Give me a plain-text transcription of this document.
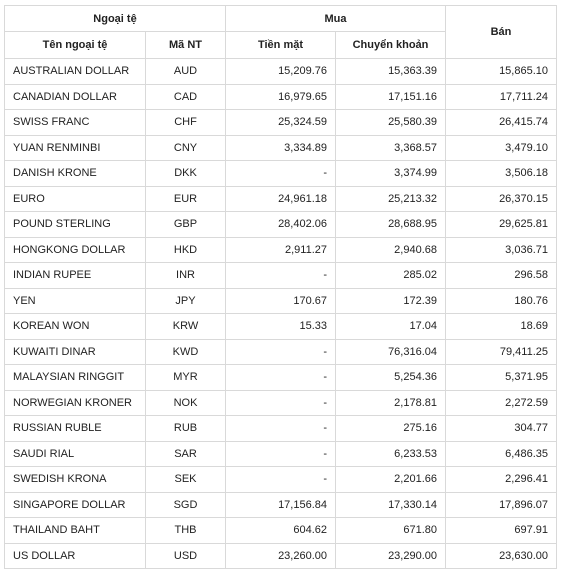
Ngoại tệ		Mua		Bán
Tên ngoại tệ	Mã NT	Tiền mặt	Chuyển khoản	
AUSTRALIAN DOLLAR	AUD	15,209.76	15,363.39	15,865.10
CANADIAN DOLLAR	CAD	16,979.65	17,151.16	17,711.24
SWISS FRANC	CHF	25,324.59	25,580.39	26,415.74
YUAN RENMINBI	CNY	3,334.89	3,368.57	3,479.10
DANISH KRONE	DKK	-	3,374.99	3,506.18
EURO	EUR	24,961.18	25,213.32	26,370.15
POUND STERLING	GBP	28,402.06	28,688.95	29,625.81
HONGKONG DOLLAR	HKD	2,911.27	2,940.68	3,036.71
INDIAN RUPEE	INR	-	285.02	296.58
YEN	JPY	170.67	172.39	180.76
KOREAN WON	KRW	15.33	17.04	18.69
KUWAITI DINAR	KWD	-	76,316.04	79,411.25
MALAYSIAN RINGGIT	MYR	-	5,254.36	5,371.95
NORWEGIAN KRONER	NOK	-	2,178.81	2,272.59
RUSSIAN RUBLE	RUB	-	275.16	304.77
SAUDI RIAL	SAR	-	6,233.53	6,486.35
SWEDISH KRONA	SEK	-	2,201.66	2,296.41
SINGAPORE DOLLAR	SGD	17,156.84	17,330.14	17,896.07
THAILAND BAHT	THB	604.62	671.80	697.91
US DOLLAR	USD	23,260.00	23,290.00	23,630.00
